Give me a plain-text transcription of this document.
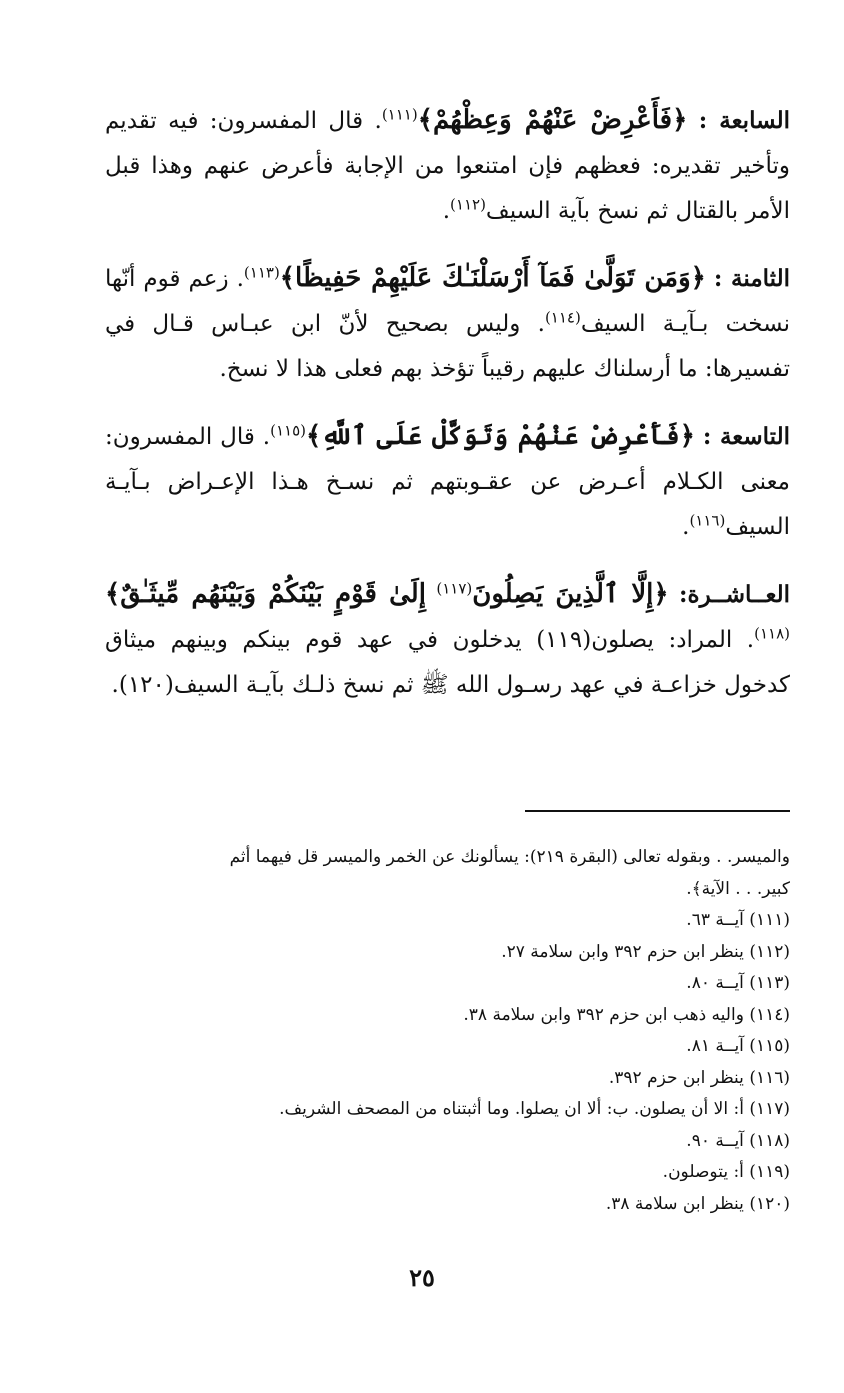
السابعة : ﴿فَأَعْرِضْ عَنْهُمْ وَعِظْهُمْ﴾$^{(١١١)}$. قال المفسرون: فيه تقديم وتأخير تقديره: فعظهم فإن امتنعوا من الإجابة فأعرض عنهم وهذا قبل الأمر بالقتال ثم نسخ بآية السيف$^{(١١٢)}$.

الثامنة : ﴿وَمَن تَوَلَّىٰ فَمَآ أَرْسَلْنَـٰكَ عَلَيْهِمْ حَفِيظًا﴾$^{(١١٣)}$. زعم قوم أنّها نسخت بـآيـة السيف$^{(١١٤)}$. وليس بصحيح لأنّ ابن عبـاس قـال في تفسيرها: ما أرسلناك عليهم رقيباً تؤخذ بهم فعلى هذا لا نسخ.

التاسعة : ﴿فَأَعْرِضْ عَنْهُمْ وَتَوَكَّلْ عَلَى ٱللَّهِ﴾$^{(١١٥)}$. قال المفسرون: معنى الكـلام أعـرض عن عقـوبتهم ثم نسـخ هـذا الإعـراض بـآيـة السيف$^{(١١٦)}$.

العــاشــرة: ﴿إِلَّا ٱلَّذِينَ يَصِلُونَ$^{(١١٧)}$ إِلَىٰ قَوْمٍ بَيْنَكُمْ وَبَيْنَهُم مِّيثَـٰقٌ﴾$^{(١١٨)}$. المراد: يصلون(١١٩) يدخلون في عهد قوم بينكم وبينهم ميثاق كدخول خزاعـة في عهد رسـول الله ﷺ ثم نسخ ذلـك بآيـة السيف(١٢٠).

والميسر. . وبقوله تعالى (البقرة ٢١٩): يسألونك عن الخمر والميسر قل فيهما أثم
كبير. . . الآية﴾.
(١١١) آيــة ٦٣.
(١١٢) ينظر ابن حزم ٣٩٢ وابن سلامة ٢٧.
(١١٣) آيــة ٨٠.
(١١٤) واليه ذهب ابن حزم ٣٩٢ وابن سلامة ٣٨.
(١١٥) آيــة ٨١.
(١١٦) ينظر ابن حزم ٣٩٢.
(١١٧) أ: الا أن يصلون. ب: ألا ان يصلوا. وما أثبتناه من المصحف الشريف.
(١١٨) آيــة ٩٠.
(١١٩) أ: يتوصلون.
(١٢٠) ينظر ابن سلامة ٣٨.
٢٥
